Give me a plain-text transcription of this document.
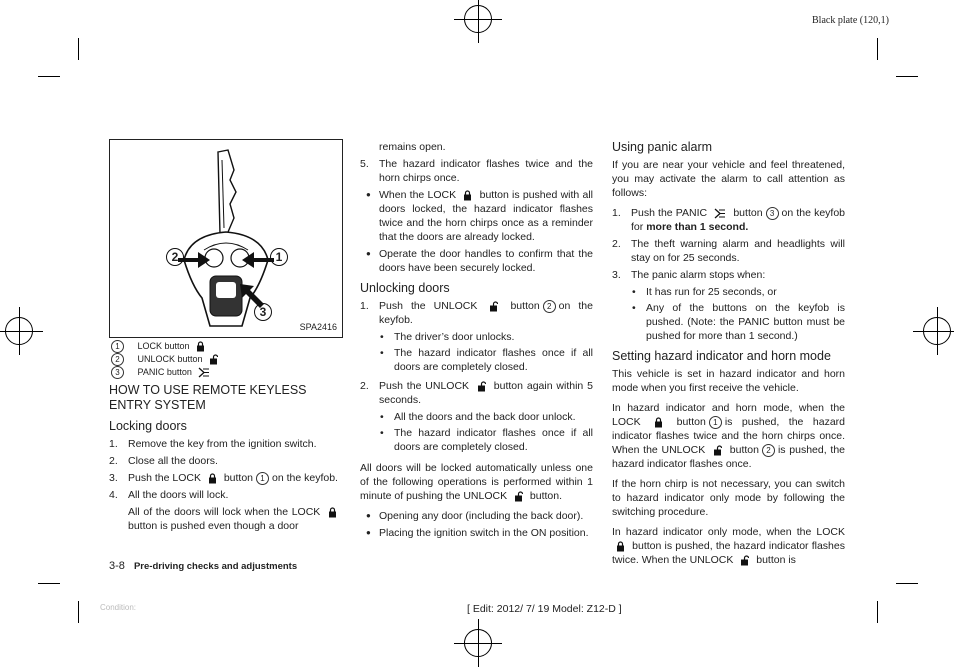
Black plate (120,1)
2	1
3
SPA2416
1 LOCK button
2 UNLOCK button
3 PANIC button
HOW TO USE REMOTE KEYLESS ENTRY SYSTEM
Locking doors
1. Remove the key from the ignition switch.
2. Close all the doors.
3. Push the LOCK button 1 on the keyfob.
4. All the doors will lock.
All of the doors will lock when the LOCK  button is pushed even though a door
remains open.
5. The hazard indicator flashes twice and the horn chirps once.
● When the LOCK button is pushed with all doors locked, the hazard indicator flashes twice and the horn chirps once as a reminder that the doors are already locked.
● Operate the door handles to confirm that the doors have been securely locked.
Unlocking doors
1. Push the UNLOCK	button 2 on the keyfob.
• The driver’s door unlocks.
• The hazard indicator flashes once if all doors are completely closed.
2. Push the UNLOCK button again within 5 seconds.
• All the doors and the back door unlock.
• The hazard indicator flashes once if all doors are completely closed.

All doors will be locked automatically unless one of the following operations is performed within 1 minute of pushing the UNLOCK button.

● Opening any door (including the back door).
● Placing the ignition switch in the ON position.
Using panic alarm

If you are near your vehicle and feel threatened, you may activate the alarm to call attention as follows:

1. Push the PANIC	button 3 on the keyfob for more than 1 second.
2. The theft warning alarm and headlights will stay on for 25 seconds.
3. The panic alarm stops when:
• It has run for 25 seconds, or
• Any of the buttons on the keyfob is pushed. (Note: the PANIC button must be pushed for more than 1 second.)
Setting hazard indicator and horn mode

This vehicle is set in hazard indicator and horn mode when you first receive the vehicle.

In hazard indicator and horn mode, when the LOCK	button 1 is pushed, the hazard indicator flashes twice and the horn chirps once. When the UNLOCK button 2 is pushed, the hazard indicator flashes once.

If the horn chirp is not necessary, you can switch to hazard indicator only mode by following the switching procedure.

In hazard indicator only mode, when the LOCK  button is pushed, the hazard indicator flashes twice. When the UNLOCK button is

3-8 Pre-driving checks and adjustments
Condition:	[ Edit: 2012/ 7/ 19 Model: Z12-D ]
